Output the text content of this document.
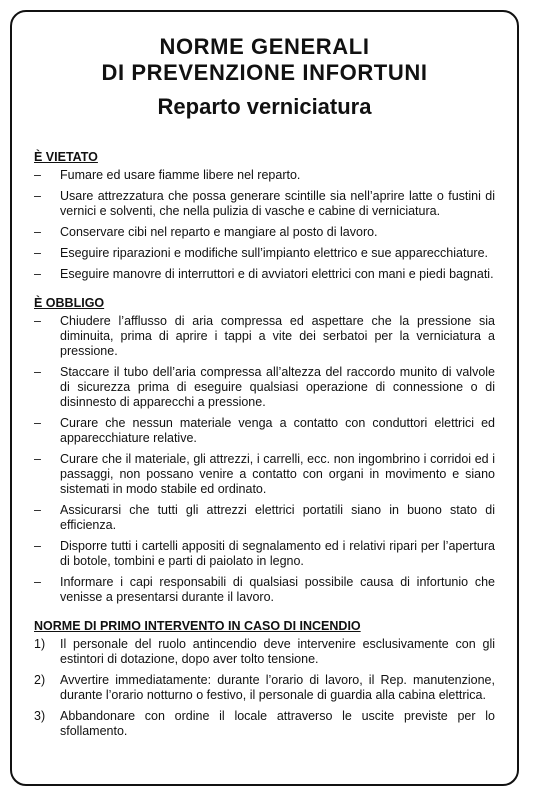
NORME GENERALI
DI PREVENZIONE INFORTUNI
Reparto verniciatura
È VIETATO
–	Fumare ed usare fiamme libere nel reparto.
–	Usare attrezzatura che possa generare scintille sia nell’aprire latte o fustini di vernici e solventi, che nella pulizia di vasche e cabine di verniciatura.
–	Conservare cibi nel reparto e mangiare al posto di lavoro.
–	Eseguire riparazioni e modifiche sull’impianto elettrico e sue apparecchiature.
–	Eseguire manovre di interruttori e di avviatori elettrici con mani e piedi bagnati.
È OBBLIGO
–	Chiudere l’afflusso di aria compressa ed aspettare che la pressione sia diminuita, prima di aprire i tappi a vite dei serbatoi per la verniciatura a pressione.
–	Staccare il tubo dell’aria compressa all’altezza del raccordo munito di valvole di sicurezza prima di eseguire qualsiasi operazione di connessione o di disinnesto di apparecchi a pressione.
–	Curare che nessun materiale venga a contatto con conduttori elettrici ed apparecchiature relative.
–	Curare che il materiale, gli attrezzi, i carrelli, ecc. non ingombrino i corridoi ed i passaggi, non possano venire a contatto con organi in movimento e siano sistemati in modo stabile ed ordinato.
–	Assicurarsi che tutti gli attrezzi elettrici portatili siano in buono stato di efficienza.
–	Disporre tutti i cartelli appositi di segnalamento ed i relativi ripari per l’apertura di botole, tombini e parti di paiolato in legno.
–	Informare i capi responsabili di qualsiasi possibile causa di infortunio che venisse a presentarsi durante il lavoro.
NORME DI PRIMO INTERVENTO IN CASO DI INCENDIO
1)	Il personale del ruolo antincendio deve intervenire esclusivamente con gli estintori di dotazione, dopo aver tolto tensione.
2)	Avvertire immediatamente: durante l’orario di lavoro, il Rep. manutenzione, durante l’orario notturno o festivo, il personale di guardia alla cabina elettrica.
3)	Abbandonare con ordine il locale attraverso le uscite previste per lo sfollamento.
